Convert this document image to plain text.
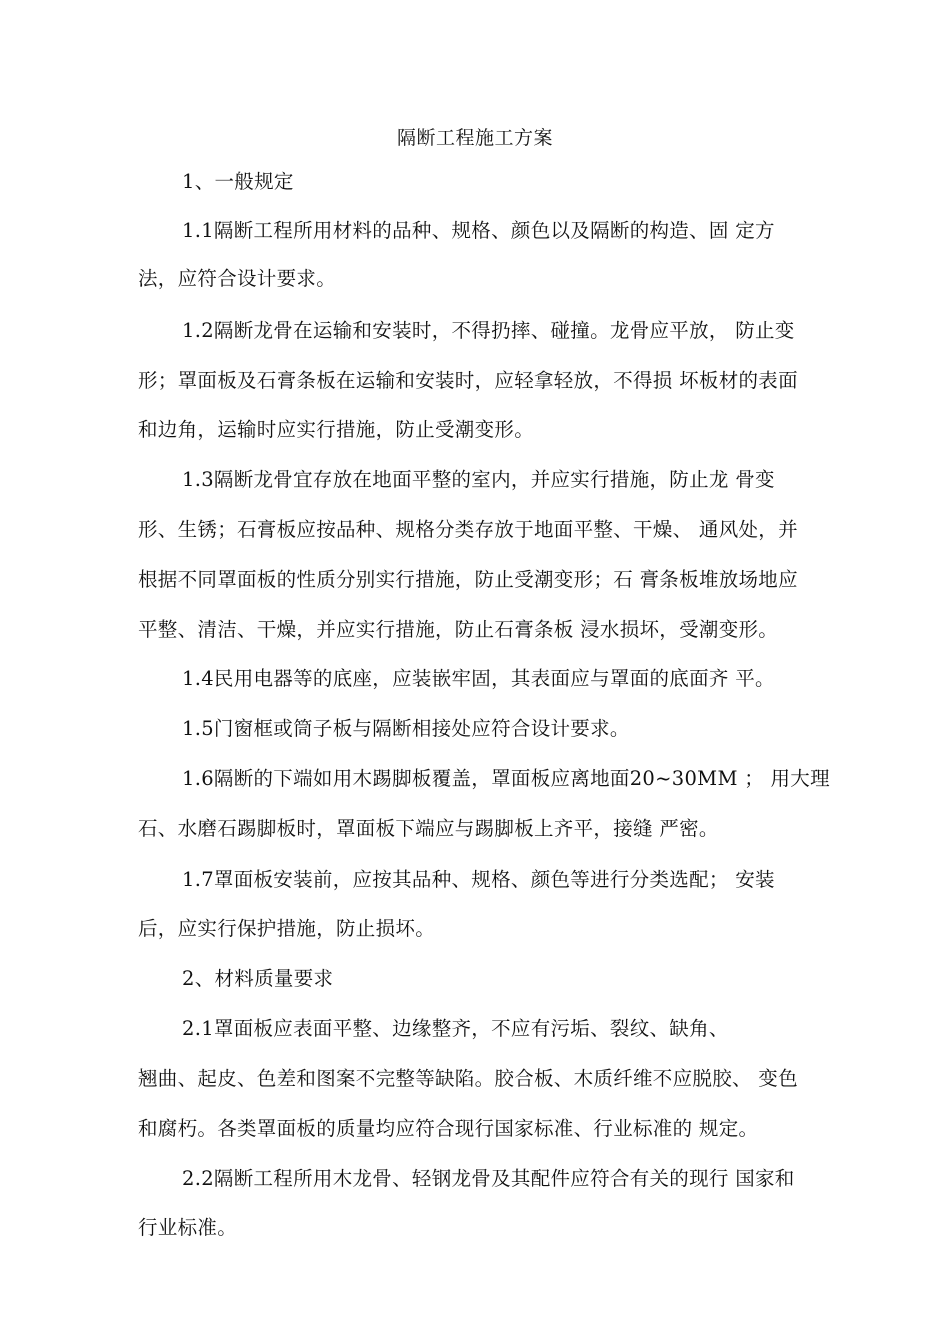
隔断工程施工方案
1、一般规定
1.1隔断工程所用材料的品种、规格、颜色以及隔断的构造、固 定方
法，应符合设计要求。
1.2隔断龙骨在运输和安装时，不得扔摔、碰撞。龙骨应平放， 防止变
形；罩面板及石膏条板在运输和安装时，应轻拿轻放，不得损 坏板材的表面
和边角，运输时应实行措施，防止受潮变形。
1.3隔断龙骨宜存放在地面平整的室内，并应实行措施，防止龙 骨变
形、生锈；石膏板应按品种、规格分类存放于地面平整、干燥、 通风处，并
根据不同罩面板的性质分别实行措施，防止受潮变形；石 膏条板堆放场地应
平整、清洁、干燥，并应实行措施，防止石膏条板 浸水损坏，受潮变形。
1.4民用电器等的底座，应装嵌牢固，其表面应与罩面的底面齐 平。
1.5门窗框或筒子板与隔断相接处应符合设计要求。
1.6隔断的下端如用木踢脚板覆盖，罩面板应离地面20~30MM ； 用大理
石、水磨石踢脚板时，罩面板下端应与踢脚板上齐平，接缝 严密。
1.7罩面板安装前，应按其品种、规格、颜色等进行分类选配； 安装
后，应实行保护措施，防止损坏。
2、材料质量要求
2.1罩面板应表面平整、边缘整齐，不应有污垢、裂纹、缺角、
翘曲、起皮、色差和图案不完整等缺陷。胶合板、木质纤维不应脱胶、 变色
和腐朽。各类罩面板的质量均应符合现行国家标准、行业标准的 规定。
2.2隔断工程所用木龙骨、轻钢龙骨及其配件应符合有关的现行 国家和
行业标准。
